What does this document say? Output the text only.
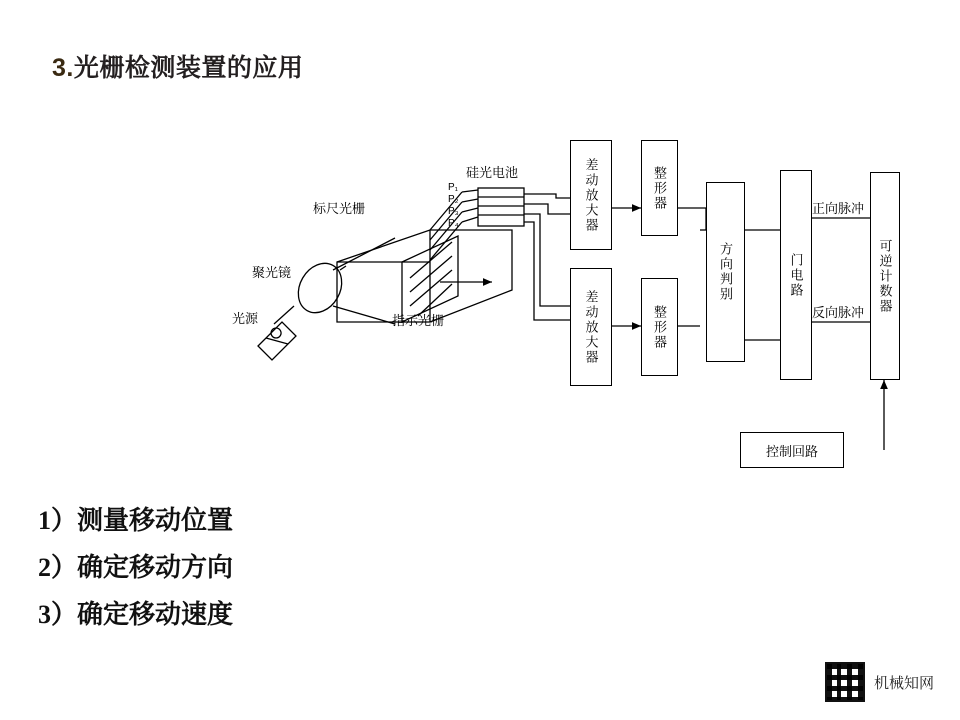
3.光栅检测装置的应用
光源
聚光镜
标尺光栅
指示光栅
硅光电池
P₁
P₂
P₃
P₄	差动放大器	整形器
差动放大器	整形器
方向判别	门电路	可逆计数器
控制回路
正向脉冲
反向脉冲
1）测量移动位置
2）确定移动方向
3）确定移动速度
机械知网
